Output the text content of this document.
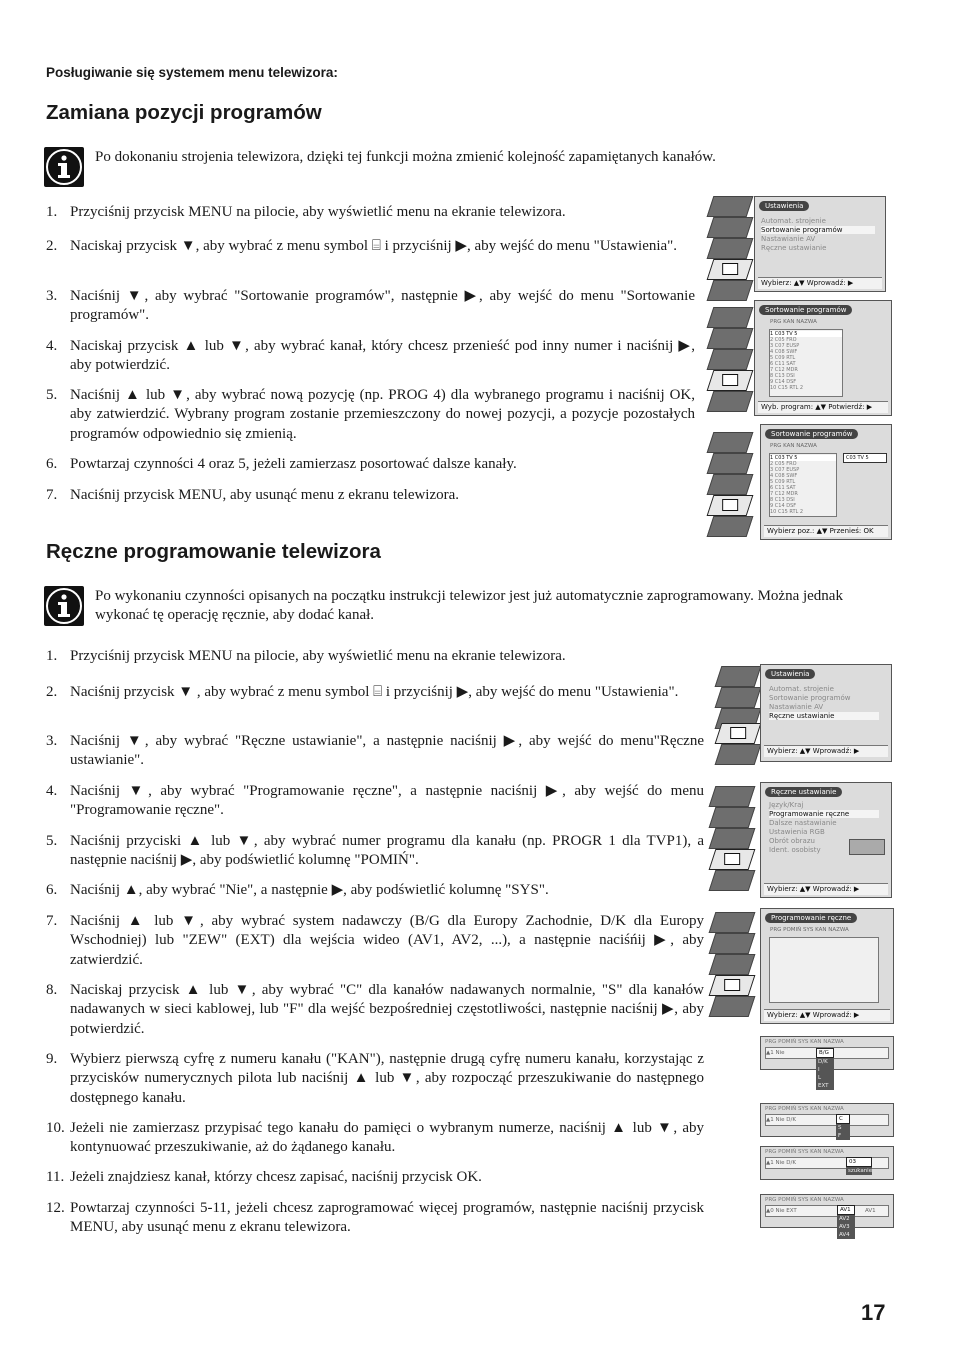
Posługiwanie się systemem menu telewizora:
Zamiana pozycji programów
Po dokonaniu strojenia telewizora, dzięki tej funkcji można zmienić kolejność zapamiętanych kanałów.
1. Przyciśnij przycisk MENU na pilocie, aby wyświetlić menu na ekranie telewizora.
2. Naciskaj przycisk ▼, aby wybrać z menu symbol ⌸ i przyciśnij ▶, aby wejść do menu "Ustawienia".
3. Naciśnij ▼, aby wybrać "Sortowanie programów", następnie ▶, aby wejść do menu "Sortowanie programów".
4. Naciskaj przycisk ▲ lub ▼, aby wybrać kanał, który chcesz przenieść pod inny numer i naciśnij ▶, aby potwierdzić.
5. Naciśnij ▲ lub ▼, aby wybrać nową pozycję (np. PROG 4) dla wybranego programu i naciśnij OK, aby zatwierdzić. Wybrany program zostanie przemieszczony do nowej pozycji, a pozycje pozostałych programów odpowiednio się zmienią.
6. Powtarzaj czynności 4 oraz 5, jeżeli zamierzasz posortować dalsze kanały.
7. Naciśnij przycisk MENU, aby usunąć menu z ekranu telewizora.
Ustawienia
Automat. strojenie
Sortowanie programów
Nastawianie AV
Ręczne ustawianie
Wybierz: ▲▼ Wprowadź: ▶
Sortowanie programów
PRG KAN NAZWA
1 C03 TV 5
2 C05 FRO
3 C07 EUSP
4 C08 SWF
5 C09 RTL
6 C11 SAT
7 C12 MDR
8 C13 DSI
9 C14 DSF
10 C15 RTL 2
Wyb. program: ▲▼ Potwierdź: ▶
Sortowanie programów
PRG KAN NAZWA
1 C03 TV 5
2 C05 FRO
3 C07 EUSP
4 C08 SWF
5 C09 RTL
6 C11 SAT
7 C12 MDR
8 C13 DSI
9 C14 DSF
10 C15 RTL 2
C03 TV 5
Wybierz poz.: ▲▼ Przenieś: OK
Ręczne programowanie telewizora
Po wykonaniu czynności opisanych na początku instrukcji telewizor jest już automatycznie zaprogramowany. Można jednak wykonać tę operację ręcznie, aby dodać kanał.
1. Przyciśnij przycisk MENU na pilocie, aby wyświetlić menu na ekranie telewizora.
2. Naciśnij przycisk ▼ , aby wybrać z menu symbol ⌸ i przyciśnij ▶, aby wejść do menu "Ustawienia".
3. Naciśnij ▼, aby wybrać "Ręczne ustawianie", a następnie naciśnij ▶, aby wejść do menu"Ręczne ustawianie".
4. Naciśnij ▼, aby wybrać "Programowanie ręczne", a następnie naciśnij ▶, aby wejść do menu "Programowanie ręczne".
5. Naciśnij przyciski ▲ lub ▼, aby wybrać numer programu dla kanału (np. PROGR 1 dla TVP1), a następnie naciśnij ▶, aby podświetlić kolumnę "POMIŃ".
6. Naciśnij ▲, aby wybrać "Nie", a następnie ▶, aby podświetlić kolumnę "SYS".
7. Naciśnij ▲ lub ▼, aby wybrać system nadawczy (B/G dla Europy Zachodnie, D/K dla Europy Wschodniej) lub "ZEW" (EXT) dla wejścia wideo (AV1, AV2, ...), a następnie naciśńij ▶, aby zatwierdzić.
8. Naciskaj przycisk ▲ lub ▼, aby wybrać "C" dla kanałów nadawanych normalnie, "S" dla kanałów nadawanych w sieci kablowej, lub "F" dla wejść bezpośredniej częstotliwości, następnie naciśnij ▶, aby potwierdzić.
9. Wybierz pierwszą cyfrę z numeru kanału ("KAN"), następnie drugą cyfrę numeru kanału, korzystając z przycisków numerycznych pilota lub naciśnij ▲ lub ▼, aby rozpocząć przeszukiwanie do następnego dostępnego kanału.
10. Jeżeli nie zamierzasz przypisać tego kanału do pamięci o wybranym numerze, naciśnij ▲ lub ▼, aby kontynuować przeszukiwanie, aż do żądanego kanału.
11. Jeżeli znajdziesz kanał, którzy chcesz zapisać, naciśnij przycisk OK.
12. Powtarzaj czynności 5-11, jeżeli chcesz zaprogramować więcej programów, następnie naciśnij przycisk MENU, aby usunąć menu z ekranu telewizora.
Ustawienia
Automat. strojenie
Sortowanie programów
Nastawianie AV
Ręczne ustawianie
Wybierz: ▲▼ Wprowadź: ▶
Ręczne ustawianie
Język/Kraj
Programowanie ręczne
Dalsze nastawianie
Ustawienia RGB
Obrót obrazu
Ident. osobisty
Wybierz: ▲▼ Wprowadź: ▶
Programowanie ręczne
PRG POMIŃ SYS KAN NAZWA
Wybierz: ▲▼ Wprowadź: ▶
PRG POMIŃ SYS KAN NAZWA
▲1 Nie	B/G
D/K
I
L
EXT
PRG POMIŃ SYS KAN NAZWA
▲1 Nie D/K	C
S
F
PRG POMIŃ SYS KAN NAZWA
▲1 Nie D/K	03
szukanie
PRG POMIŃ SYS KAN NAZWA
▲0 Nie EXT	AV1
AV1
AV2
AV3
AV4
17
